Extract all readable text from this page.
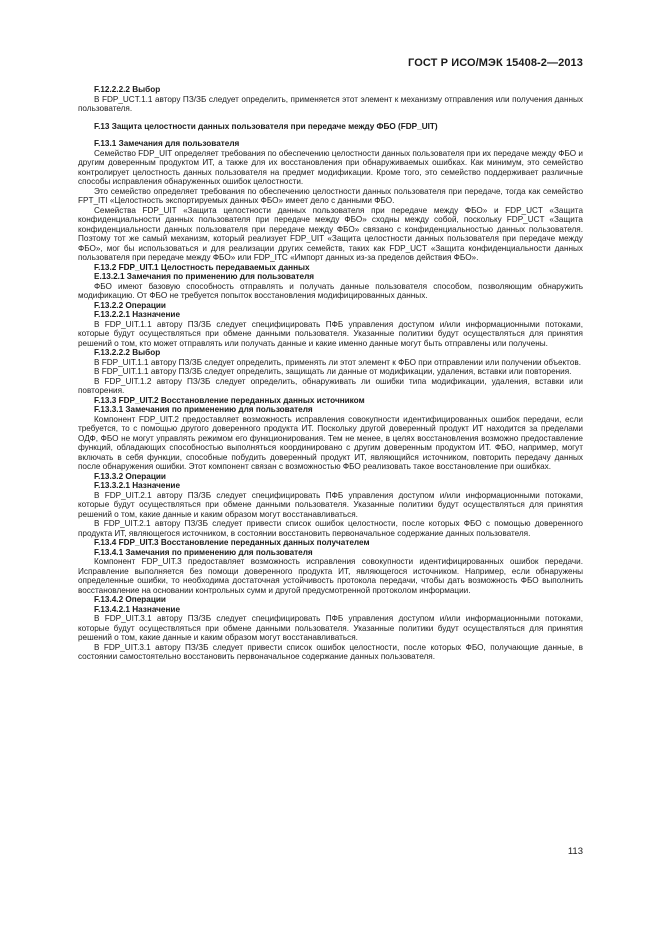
ГОСТ Р ИСО/МЭК 15408-2—2013

F.12.2.2.2 Выбор

В FDP_UCT.1.1 автору ПЗ/ЗБ следует определить, применяется этот элемент к механизму отправления или получения данных пользователя.

F.13 Защита целостности данных пользователя при передаче между ФБО (FDP_UIT)

F.13.1 Замечания для пользователя

Семейство FDP_UIT определяет требования по обеспечению целостности данных пользователя при их передаче между ФБО и другим доверенным продуктом ИТ, а также для их восстановления при обнаруживаемых ошибках. Как минимум, это семейство контролирует целостность данных пользователя на предмет модификации. Кроме того, это семейство поддерживает различные способы исправления обнаруженных ошибок целостности.

Это семейство определяет требования по обеспечению целостности данных пользователя при передаче, тогда как семейство FPT_ITI «Целостность экспортируемых данных ФБО» имеет дело с данными ФБО.

Семейства FDP_UIT «Защита целостности данных пользователя при передаче между ФБО» и FDP_UCT «Защита конфиденциальности данных пользователя при передаче между ФБО» сходны между собой, поскольку FDP_UCT «Защита конфиденциальности данных пользователя при передаче между ФБО» связано с конфиденциальностью данных пользователя. Поэтому тот же самый механизм, который реализует FDP_UIT «Защита целостности данных пользователя при передаче между ФБО», мог бы использоваться и для реализации других семейств, таких как FDP_UCT «Защита конфиденциальности данных пользователя при передаче между ФБО» или FDP_ITC «Импорт данных из-за пределов действия ФБО».

F.13.2 FDP_UIT.1 Целостность передаваемых данных

Е.13.2.1 Замечания по применению для пользователя

ФБО имеют базовую способность отправлять и получать данные пользователя способом, позволяющим обнаружить модификацию. От ФБО не требуется попыток восстановления модифицированных данных.

F.13.2.2 Операции

F.13.2.2.1 Назначение

В FDP_UIT.1.1 автору ПЗ/ЗБ следует специфицировать ПФБ управления доступом и/или информационными потоками, которые будут осуществляться при обмене данными пользователя. Указанные политики будут осуществляться для принятия решений о том, кто может отправлять или получать данные и какие именно данные могут быть отправлены или получены.

F.13.2.2.2 Выбор

В FDP_UIT.1.1 автору ПЗ/ЗБ следует определить, применять ли этот элемент к ФБО при отправлении или получении объектов.

В FDP_UIT.1.1 автору ПЗ/ЗБ следует определить, защищать ли данные от модификации, удаления, вставки или повторения.

В FDP_UIT.1.2 автору ПЗ/ЗБ следует определить, обнаруживать ли ошибки типа модификации, удаления, вставки или повторения.

F.13.3 FDP_UIT.2 Восстановление переданных данных источником

F.13.3.1 Замечания по применению для пользователя

Компонент FDP_UIT.2 предоставляет возможность исправления совокупности идентифицированных ошибок передачи, если требуется, то с помощью другого доверенного продукта ИТ. Поскольку другой доверенный продукт ИТ находится за пределами ОДФ, ФБО не могут управлять режимом его функционирования. Тем не менее, в целях восстановления возможно предоставление функций, обладающих способностью выполняться координировано с другим доверенным продуктом ИТ. ФБО, например, могут включать в себя функции, способные побудить доверенный продукт ИТ, являющийся источником, повторить передачу данных после обнаружения ошибки. Этот компонент связан с возможностью ФБО реализовать такое восстановление при ошибках.

F.13.3.2 Операции

F.13.3.2.1 Назначение

В FDP_UIT.2.1 автору ПЗ/ЗБ следует специфицировать ПФБ управления доступом и/или информационными потоками, которые будут осуществляться при обмене данными пользователя. Указанные политики будут осуществляться для принятия решений о том, какие данные и каким образом могут восстанавливаться.

В FDP_UIT.2.1 автору ПЗ/ЗБ следует привести список ошибок целостности, после которых ФБО с помощью доверенного продукта ИТ, являющегося источником, в состоянии восстановить первоначальное содержание данных пользователя.

F.13.4 FDP_UIT.3 Восстановление переданных данных получателем

F.13.4.1 Замечания по применению для пользователя

Компонент FDP_UIT.3 предоставляет возможность исправления совокупности идентифицированных ошибок передачи. Исправление выполняется без помощи доверенного продукта ИТ, являющегося источником. Например, если обнаружены определенные ошибки, то необходима достаточная устойчивость протокола передачи, чтобы дать возможность ФБО выполнить восстановление на основании контрольных сумм и другой предусмотренной протоколом информации.

F.13.4.2 Операции

F.13.4.2.1 Назначение

В FDP_UIT.3.1 автору ПЗ/ЗБ следует специфицировать ПФБ управления доступом и/или информационными потоками, которые будут осуществляться при обмене данными пользователя. Указанные политики будут осуществляться для принятия решений о том, какие данные и каким образом могут восстанавливаться.

В FDP_UIT.3.1 автору ПЗ/ЗБ следует привести список ошибок целостности, после которых ФБО, получающие данные, в состоянии самостоятельно восстановить первоначальное содержание данных пользователя.

113
